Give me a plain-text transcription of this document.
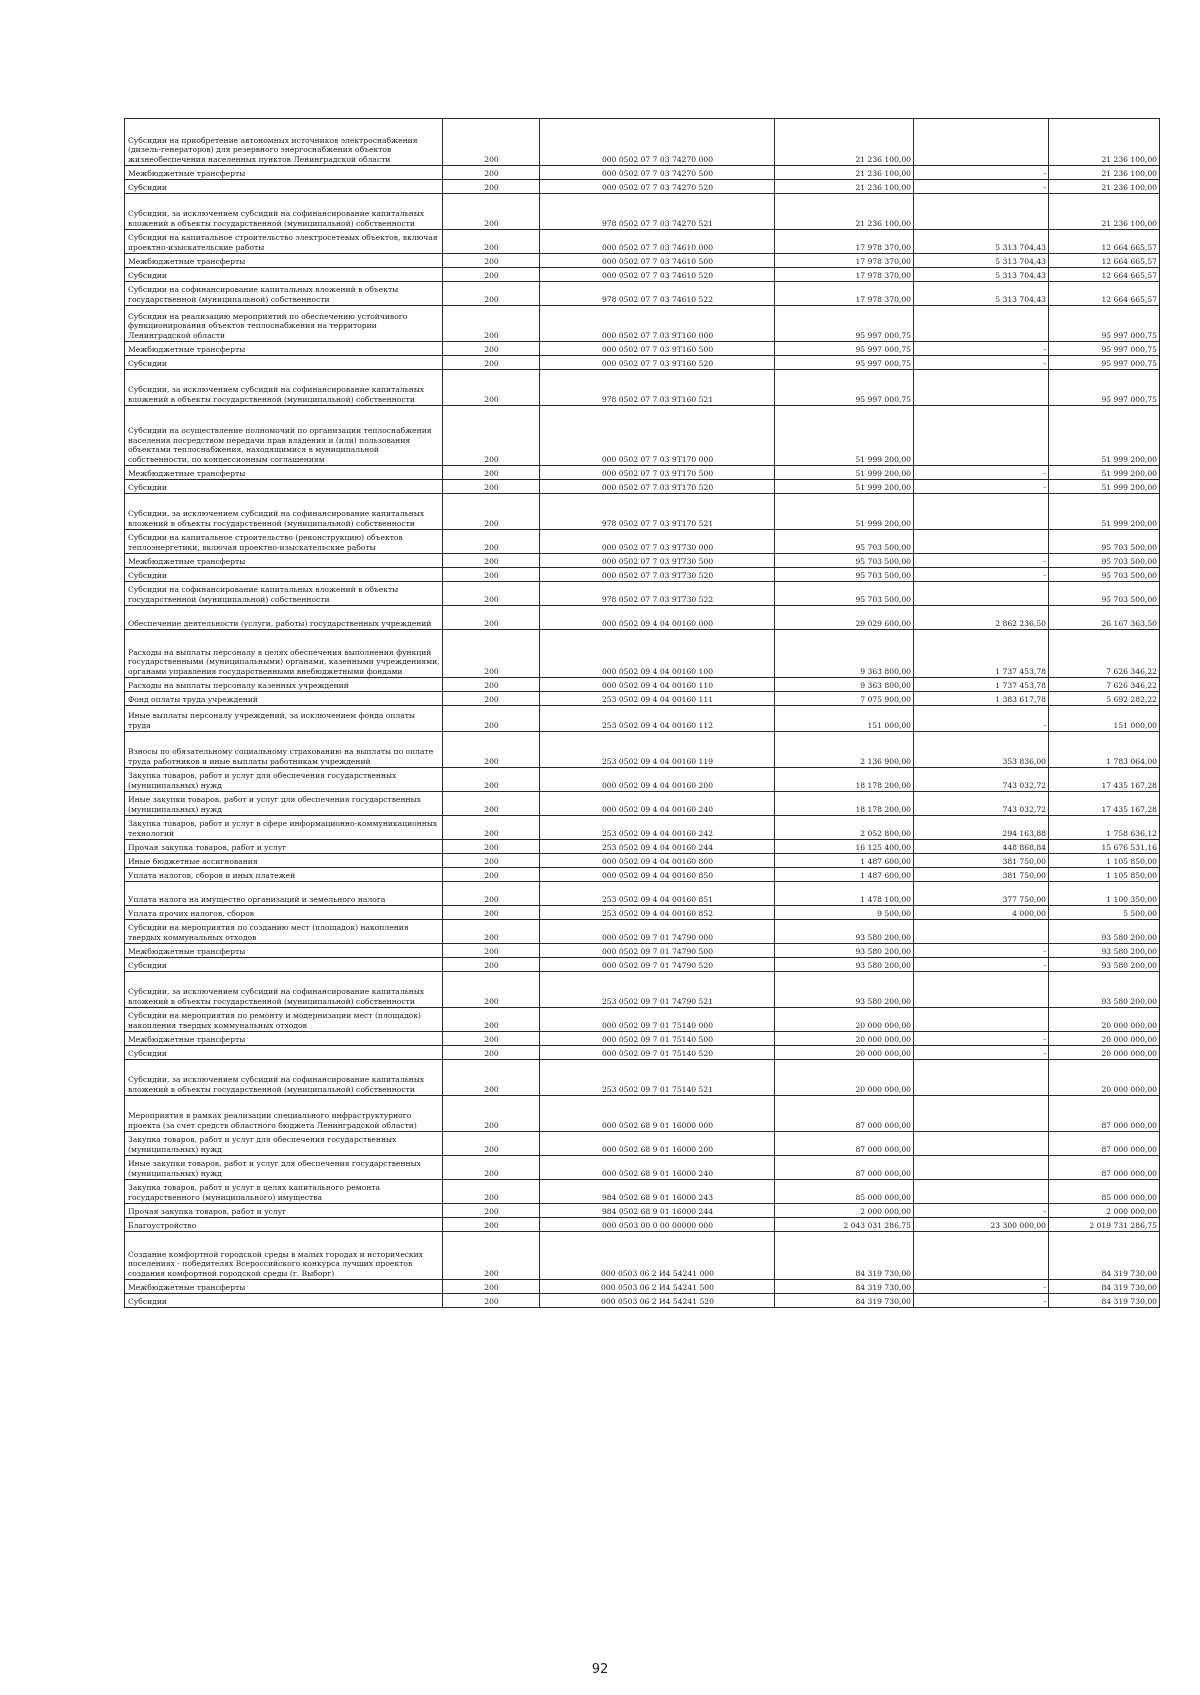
Субсидии на приобретение автономных источников электроснабжения (дизель-генераторов) для резервного энергоснабжения объектов жизнеобеспечения населенных пунктов Ленинградской области	200	000 0502 07 7 03 74270 000	21 236 100,00		21 236 100,00
Межбюджетные трансферты	200	000 0502 07 7 03 74270 500	21 236 100,00	-	21 236 100,00
Субсидии	200	000 0502 07 7 03 74270 520	21 236 100,00	-	21 236 100,00
Субсидии, за исключением субсидий на софинансирование капитальных вложений в объекты государственной (муниципальной) собственности	200	978 0502 07 7 03 74270 521	21 236 100,00		21 236 100,00
Субсидии на капитальное строительство электросетевых объектов, включая проектно-изыскательские работы	200	000 0502 07 7 03 74610 000	17 978 370,00	5 313 704,43	12 664 665,57
Межбюджетные трансферты	200	000 0502 07 7 03 74610 500	17 978 370,00	5 313 704,43	12 664 665,57
Субсидии	200	000 0502 07 7 03 74610 520	17 978 370,00	5 313 704,43	12 664 665,57
Субсидии на софинансирование капитальных вложений в объекты государственной (муниципальной) собственности	200	978 0502 07 7 03 74610 522	17 978 370,00	5 313 704,43	12 664 665,57
Субсидии на реализацию мероприятий по обеспечению устойчивого функционирования объектов теплоснабжения на территории Ленинградской области	200	000 0502 07 7 03 9Т160 000	95 997 000,75		95 997 000,75
Межбюджетные трансферты	200	000 0502 07 7 03 9Т160 500	95 997 000,75	-	95 997 000,75
Субсидии	200	000 0502 07 7 03 9Т160 520	95 997 000,75	-	95 997 000,75
Субсидии, за исключением субсидий на софинансирование капитальных вложений в объекты государственной (муниципальной) собственности	200	978 0502 07 7 03 9Т160 521	95 997 000,75		95 997 000,75
Субсидии на осуществление полномочий по организации теплоснабжения населения посредством передачи прав владения и (или) пользования объектами теплоснабжения, находящимися в муниципальной собственности, по концессионным соглашениям	200	000 0502 07 7 03 9Т170 000	51 999 200,00		51 999 200,00
Межбюджетные трансферты	200	000 0502 07 7 03 9Т170 500	51 999 200,00	-	51 999 200,00
Субсидии	200	000 0502 07 7 03 9Т170 520	51 999 200,00	-	51 999 200,00
Субсидии, за исключением субсидий на софинансирование капитальных вложений в объекты государственной (муниципальной) собственности	200	978 0502 07 7 03 9Т170 521	51 999 200,00		51 999 200,00
Субсидии на капитальное строительство (реконструкцию) объектов теплоэнергетики, включая проектно-изыскательские работы	200	000 0502 07 7 03 9Т730 000	95 703 500,00		95 703 500,00
Межбюджетные трансферты	200	000 0502 07 7 03 9Т730 500	95 703 500,00	-	95 703 500,00
Субсидии	200	000 0502 07 7 03 9Т730 520	95 703 500,00	-	95 703 500,00
Субсидии на софинансирование капитальных вложений в объекты государственной (муниципальной) собственности	200	978 0502 07 7 03 9Т730 522	95 703 500,00		95 703 500,00
Обеспечение деятельности (услуги, работы) государственных учреждений	200	000 0502 09 4 04 00160 000	29 029 600,00	2 862 236,50	26 167 363,50
Расходы на выплаты персоналу в целях обеспечения выполнения функций государственными (муниципальными) органами, казенными учреждениями, органами управления государственными внебюджетными фондами	200	000 0502 09 4 04 00160 100	9 363 800,00	1 737 453,78	7 626 346,22
Расходы на выплаты персоналу казенных учреждений	200	000 0502 09 4 04 00160 110	9 363 800,00	1 737 453,78	7 626 346,22
Фонд оплаты труда учреждений	200	253 0502 09 4 04 00160 111	7 075 900,00	1 383 617,78	5 692 282,22
Иные выплаты персоналу учреждений, за исключением фонда оплаты труда	200	253 0502 09 4 04 00160 112	151 000,00	-	151 000,00
Взносы по обязательному социальному страхованию на выплаты по оплате труда работников и иные выплаты работникам учреждений	200	253 0502 09 4 04 00160 119	2 136 900,00	353 836,00	1 783 064,00
Закупка товаров, работ и услуг для обеспечения государственных (муниципальных) нужд	200	000 0502 09 4 04 00160 200	18 178 200,00	743 032,72	17 435 167,28
Иные закупки товаров, работ и услуг для обеспечения государственных (муниципальных) нужд	200	000 0502 09 4 04 00160 240	18 178 200,00	743 032,72	17 435 167,28
Закупка товаров, работ и услуг в сфере информационно-коммуникационных технологий	200	253 0502 09 4 04 00160 242	2 052 800,00	294 163,88	1 758 636,12
Прочая закупка товаров, работ и услуг	200	253 0502 09 4 04 00160 244	16 125 400,00	448 868,84	15 676 531,16
Иные бюджетные ассигнования	200	000 0502 09 4 04 00160 800	1 487 600,00	381 750,00	1 105 850,00
Уплата налогов, сборов и иных платежей	200	000 0502 09 4 04 00160 850	1 487 600,00	381 750,00	1 105 850,00
Уплата налога на имущество организаций и земельного налога	200	253 0502 09 4 04 00160 851	1 478 100,00	377 750,00	1 100 350,00
Уплата прочих налогов, сборов	200	253 0502 09 4 04 00160 852	9 500,00	4 000,00	5 500,00
Субсидии на мероприятия по созданию мест (площадок) накопления твердых коммунальных отходов	200	000 0502 09 7 01 74790 000	93 580 200,00		93 580 200,00
Межбюджетные трансферты	200	000 0502 09 7 01 74790 500	93 580 200,00	-	93 580 200,00
Субсидии	200	000 0502 09 7 01 74790 520	93 580 200,00	-	93 580 200,00
Субсидии, за исключением субсидий на софинансирование капитальных вложений в объекты государственной (муниципальной) собственности	200	253 0502 09 7 01 74790 521	93 580 200,00		93 580 200,00
Субсидии на мероприятия по ремонту и модернизации мест (площадок) накопления твердых коммунальных отходов	200	000 0502 09 7 01 75140 000	20 000 000,00		20 000 000,00
Межбюджетные трансферты	200	000 0502 09 7 01 75140 500	20 000 000,00	-	20 000 000,00
Субсидии	200	000 0502 09 7 01 75140 520	20 000 000,00	-	20 000 000,00
Субсидии, за исключением субсидий на софинансирование капитальных вложений в объекты государственной (муниципальной) собственности	200	253 0502 09 7 01 75140 521	20 000 000,00		20 000 000,00
Мероприятия в рамках реализации специального инфраструктурного проекта (за счет средств областного бюджета Ленинградской области)	200	000 0502 68 9 01 16000 000	87 000 000,00		87 000 000,00
Закупка товаров, работ и услуг для обеспечения государственных (муниципальных) нужд	200	000 0502 68 9 01 16000 200	87 000 000,00		87 000 000,00
Иные закупки товаров, работ и услуг для обеспечения государственных (муниципальных) нужд	200	000 0502 68 9 01 16000 240	87 000 000,00		87 000 000,00
Закупка товаров, работ и услуг в целях капитального ремонта государственного (муниципального) имущества	200	984 0502 68 9 01 16000 243	85 000 000,00		85 000 000,00
Прочая закупка товаров, работ и услуг	200	984 0502 68 9 01 16000 244	2 000 000,00	-	2 000 000,00
Благоустройство	200	000 0503 00 0 00 00000 000	2 043 031 286,75	23 300 000,00	2 019 731 286,75
Создание комфортной городской среды в малых городах и исторических поселениях - победителях Всероссийского конкурса лучших проектов создания комфортной городской среды (г. Выборг)	200	000 0503 06 2 И4 54241 000	84 319 730,00		84 319 730,00
Межбюджетные трансферты	200	000 0503 06 2 И4 54241 500	84 319 730,00	-	84 319 730,00
Субсидии	200	000 0503 06 2 И4 54241 520	84 319 730,00	-	84 319 730,00
92
